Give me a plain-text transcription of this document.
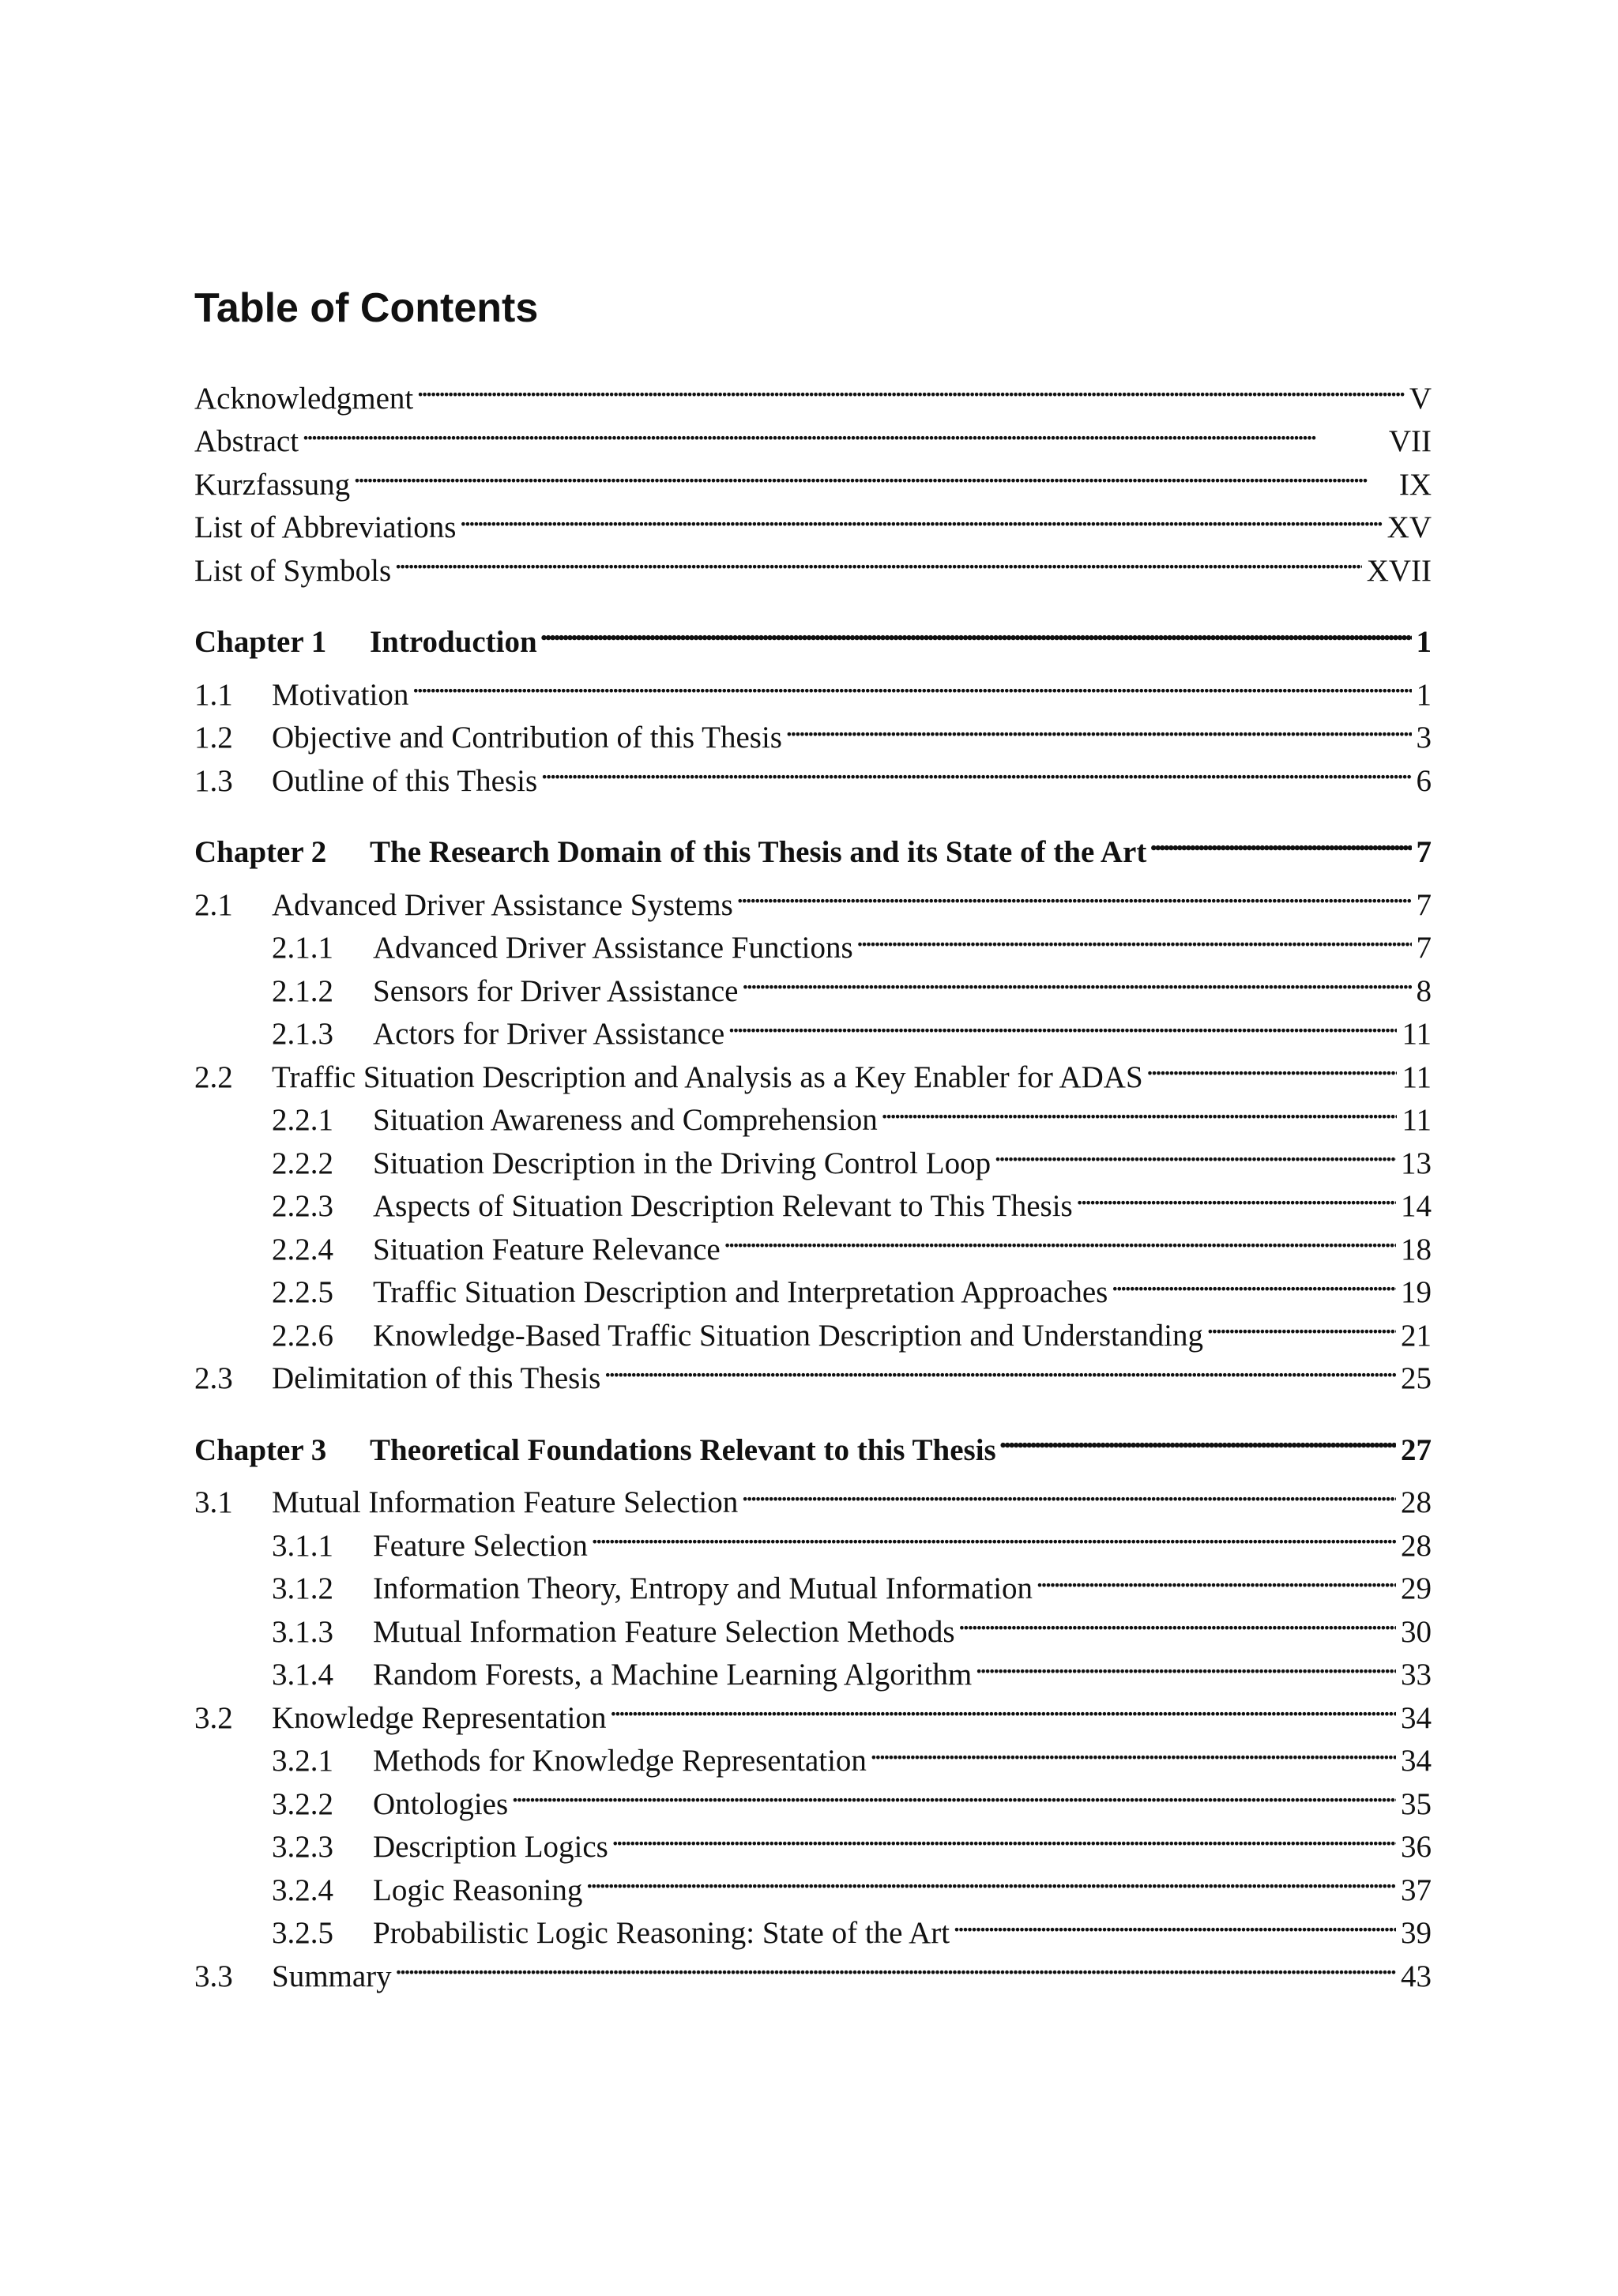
Table of Contents
Acknowledgment . . .	V
Abstract . . .	VII
Kurzfassung . . .	IX
List of Abbreviations . . .	XV
List of Symbols . . .	XVII
Chapter 1	Introduction . . .	1
1.1	Motivation . . .	1
1.2	Objective and Contribution of this Thesis . . .	3
1.3	Outline of this Thesis . . .	6
Chapter 2	The Research Domain of this Thesis and its State of the Art . . .	7
2.1	Advanced Driver Assistance Systems . . .	7
2.1.1	Advanced Driver Assistance Functions . . .	7
2.1.2	Sensors for Driver Assistance . . .	8
2.1.3	Actors for Driver Assistance . . .	11
2.2	Traffic Situation Description and Analysis as a Key Enabler for ADAS . . .	11
2.2.1	Situation Awareness and Comprehension . . .	11
2.2.2	Situation Description in the Driving Control Loop . . .	13
2.2.3	Aspects of Situation Description Relevant to This Thesis . . .	14
2.2.4	Situation Feature Relevance . . .	18
2.2.5	Traffic Situation Description and Interpretation Approaches . . .	19
2.2.6	Knowledge-Based Traffic Situation Description and Understanding . . .	21
2.3	Delimitation of this Thesis . . .	25
Chapter 3	Theoretical Foundations Relevant to this Thesis . . .	27
3.1	Mutual Information Feature Selection . . .	28
3.1.1	Feature Selection . . .	28
3.1.2	Information Theory, Entropy and Mutual Information . . .	29
3.1.3	Mutual Information Feature Selection Methods . . .	30
3.1.4	Random Forests, a Machine Learning Algorithm . . .	33
3.2	Knowledge Representation . . .	34
3.2.1	Methods for Knowledge Representation . . .	34
3.2.2	Ontologies . . .	35
3.2.3	Description Logics . . .	36
3.2.4	Logic Reasoning . . .	37
3.2.5	Probabilistic Logic Reasoning: State of the Art . . .	39
3.3	Summary . . .	43
